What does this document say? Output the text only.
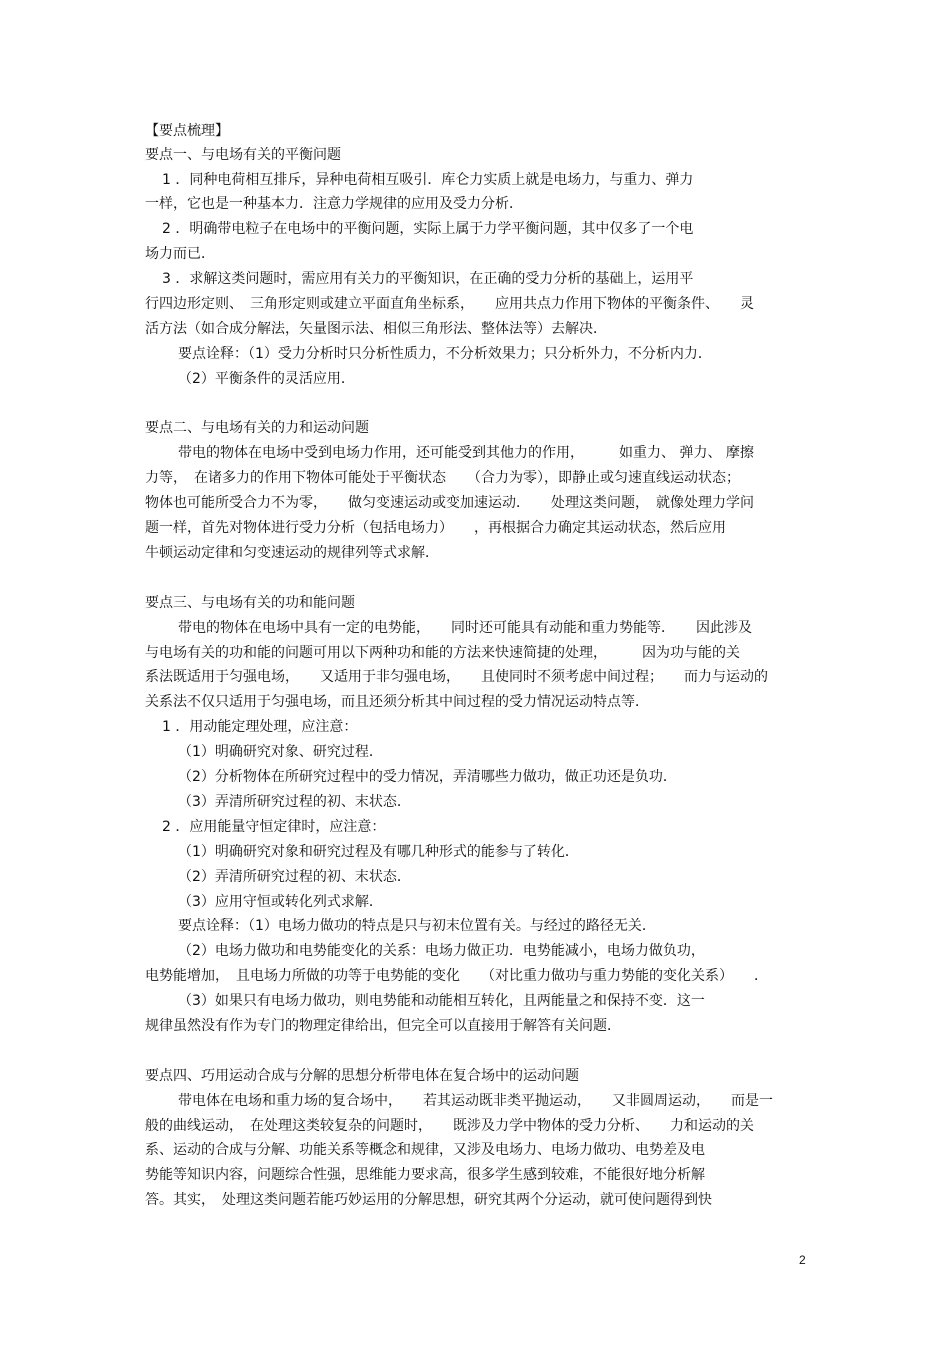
【要点梳理】
要点一、与电场有关的平衡问题
1 ．同种电荷相互排斥，异种电荷相互吸引．库仑力实质上就是电场力，与重力、弹力
一样，它也是一种基本力．注意力学规律的应用及受力分析．
2 ．明确带电粒子在电场中的平衡问题，实际上属于力学平衡问题，其中仅多了一个电
场力而已．
3 ．求解这类问题时，需应用有关力的平衡知识，在正确的受力分析的基础上，运用平
行四边形定则、　三角形定则或建立平面直角坐标系，　　应用共点力作用下物体的平衡条件、　　灵
活方法（如合成分解法，矢量图示法、相似三角形法、整体法等）去解决．
要点诠释：（1）受力分析时只分析性质力，不分析效果力；只分析外力，不分析内力．
（2）平衡条件的灵活应用．
要点二、与电场有关的力和运动问题
带电的物体在电场中受到电场力作用，还可能受到其他力的作用，　　　如重力、 弹力、 摩擦
力等，　在诸多力的作用下物体可能处于平衡状态　　（合力为零），即静止或匀速直线运动状态；
物体也可能所受合力不为零，　　做匀变速运动或变加速运动．　　处理这类问题，　就像处理力学问
题一样，首先对物体进行受力分析（包括电场力）　　，再根据合力确定其运动状态，然后应用
牛顿运动定律和匀变速运动的规律列等式求解．
要点三、与电场有关的功和能问题
带电的物体在电场中具有一定的电势能，　　同时还可能具有动能和重力势能等．　　因此涉及
与电场有关的功和能的问题可用以下两种功和能的方法来快速简捷的处理，　　　因为功与能的关
系法既适用于匀强电场，　　又适用于非匀强电场，　　且使同时不须考虑中间过程；　　而力与运动的
关系法不仅只适用于匀强电场，而且还须分析其中间过程的受力情况运动特点等．
1 ．用动能定理处理，应注意：
（1）明确研究对象、研究过程．
（2）分析物体在所研究过程中的受力情况，弄清哪些力做功，做正功还是负功．
（3）弄清所研究过程的初、末状态．
2 ．应用能量守恒定律时，应注意：
（1）明确研究对象和研究过程及有哪几种形式的能参与了转化．
（2）弄清所研究过程的初、末状态．
（3）应用守恒或转化列式求解．
要点诠释：（1）电场力做功的特点是只与初末位置有关。与经过的路径无关．
（2）电场力做功和电势能变化的关系：电场力做正功．电势能减小，电场力做负功，
电势能增加，　且电场力所做的功等于电势能的变化　　（对比重力做功与重力势能的变化关系）　　．
（3）如果只有电场力做功，则电势能和动能相互转化，且两能量之和保持不变．这一
规律虽然没有作为专门的物理定律给出，但完全可以直接用于解答有关问题．
要点四、巧用运动合成与分解的思想分析带电体在复合场中的运动问题
带电体在电场和重力场的复合场中，　　若其运动既非类平抛运动，　　又非圆周运动，　　而是一
般的曲线运动，　在处理这类较复杂的问题时，　　既涉及力学中物体的受力分析、　　力和运动的关
系、运动的合成与分解、功能关系等概念和规律，又涉及电场力、电场力做功、电势差及电
势能等知识内容，问题综合性强，思维能力要求高，很多学生感到较难，不能很好地分析解
答。其实，　处理这类问题若能巧妙运用的分解思想，研究其两个分运动，就可使问题得到快
2
